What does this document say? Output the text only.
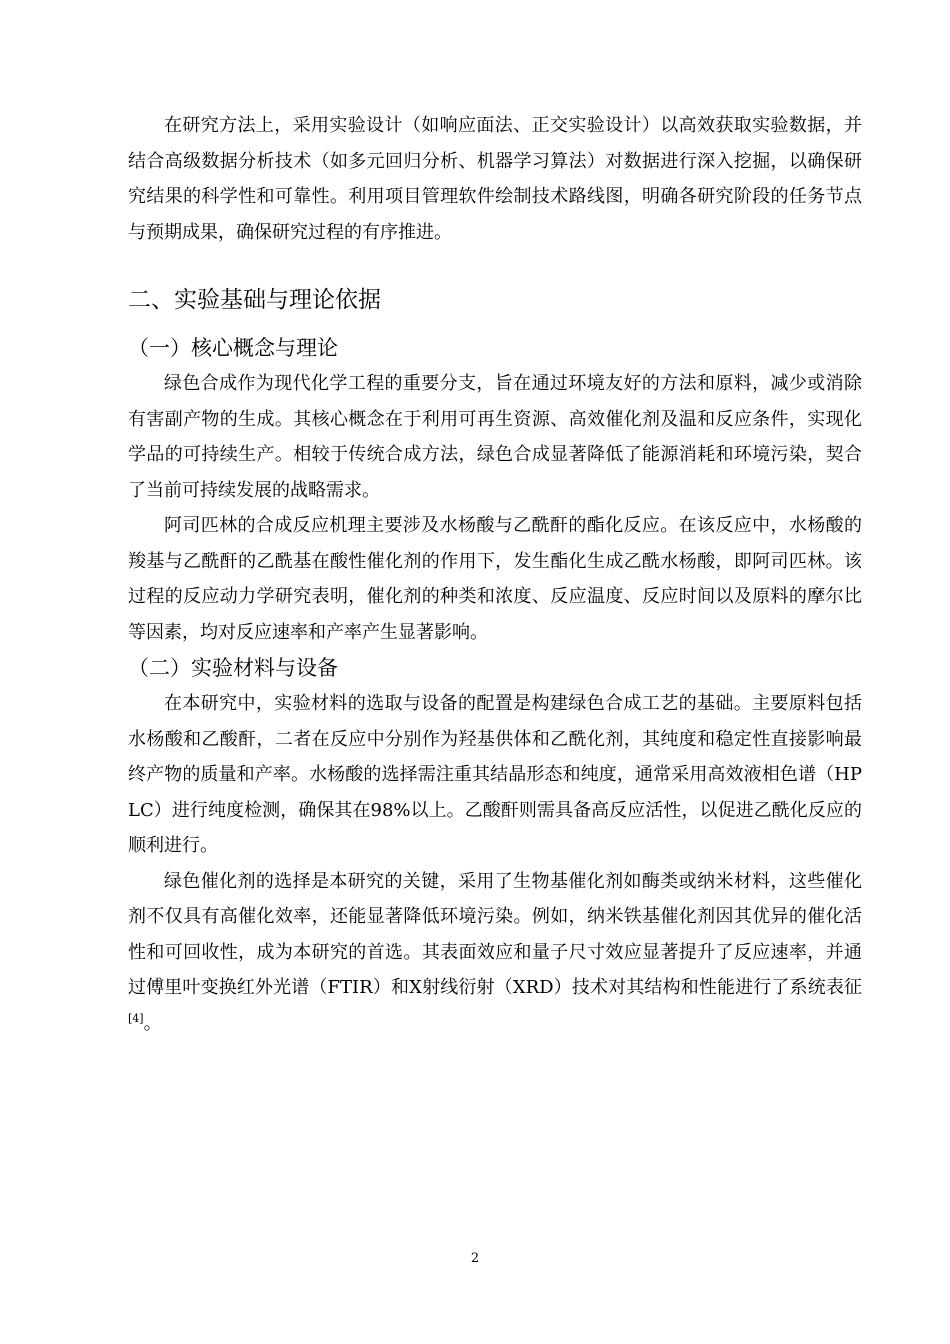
在研究方法上，采用实验设计（如响应面法、正交实验设计）以高效获取实验数据，并结合高级数据分析技术（如多元回归分析、机器学习算法）对数据进行深入挖掘，以确保研究结果的科学性和可靠性。利用项目管理软件绘制技术路线图，明确各研究阶段的任务节点与预期成果，确保研究过程的有序推进。

二、实验基础与理论依据
（一）核心概念与理论

绿色合成作为现代化学工程的重要分支，旨在通过环境友好的方法和原料，减少或消除有害副产物的生成。其核心概念在于利用可再生资源、高效催化剂及温和反应条件，实现化学品的可持续生产。相较于传统合成方法，绿色合成显著降低了能源消耗和环境污染，契合了当前可持续发展的战略需求。

阿司匹林的合成反应机理主要涉及水杨酸与乙酰酐的酯化反应。在该反应中，水杨酸的羧基与乙酰酐的乙酰基在酸性催化剂的作用下，发生酯化生成乙酰水杨酸，即阿司匹林。该过程的反应动力学研究表明，催化剂的种类和浓度、反应温度、反应时间以及原料的摩尔比等因素，均对反应速率和产率产生显著影响。

（二）实验材料与设备

在本研究中，实验材料的选取与设备的配置是构建绿色合成工艺的基础。主要原料包括水杨酸和乙酸酐，二者在反应中分别作为羟基供体和乙酰化剂，其纯度和稳定性直接影响最终产物的质量和产率。水杨酸的选择需注重其结晶形态和纯度，通常采用高效液相色谱（HPLC）进行纯度检测，确保其在98%以上。乙酸酐则需具备高反应活性，以促进乙酰化反应的顺利进行。

绿色催化剂的选择是本研究的关键，采用了生物基催化剂如酶类或纳米材料，这些催化剂不仅具有高催化效率，还能显著降低环境污染。例如，纳米铁基催化剂因其优异的催化活性和可回收性，成为本研究的首选。其表面效应和量子尺寸效应显著提升了反应速率，并通过傅里叶变换红外光谱（FTIR）和X射线衍射（XRD）技术对其结构和性能进行了系统表征[4]。

2
